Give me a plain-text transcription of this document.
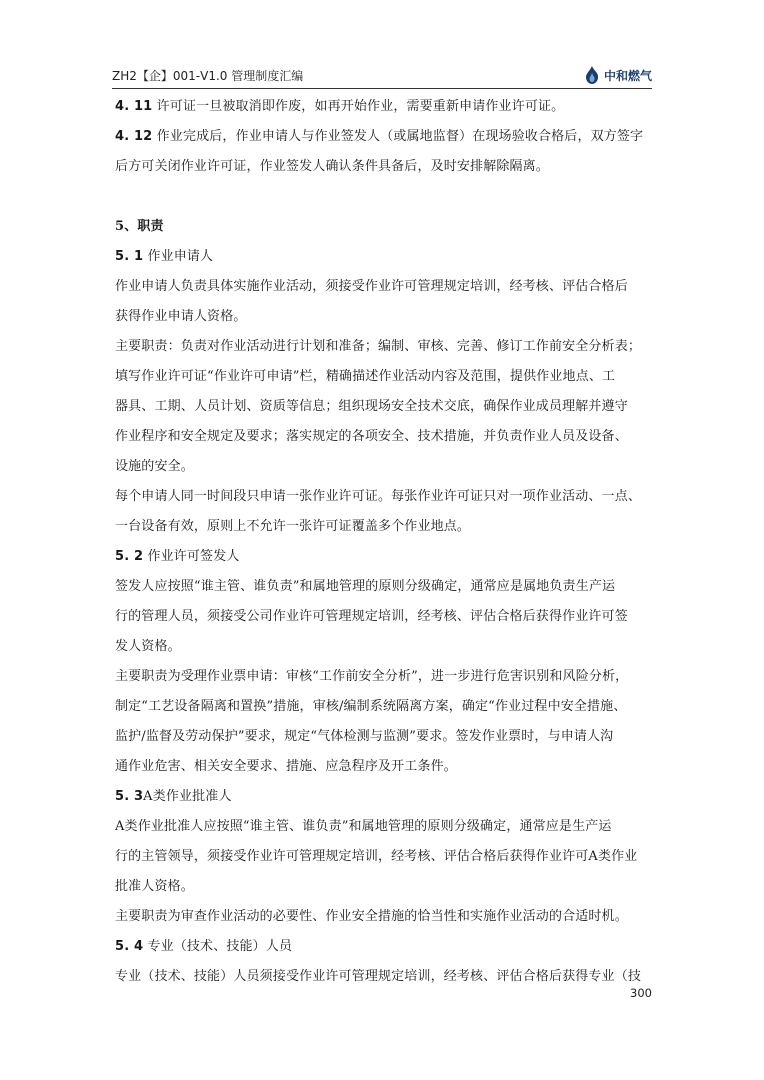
ZH2【企】001-V1.0 管理制度汇编	中和燃气
4. 11 许可证一旦被取消即作废，如再开始作业，需要重新申请作业许可证。
4. 12 作业完成后，作业申请人与作业签发人（或属地监督）在现场验收合格后，双方签字
后方可关闭作业许可证，作业签发人确认条件具备后，及时安排解除隔离。
5、职责
5. 1 作业申请人
作业申请人负责具体实施作业活动，须接受作业许可管理规定培训，经考核、评估合格后
获得作业申请人资格。
主要职责：负责对作业活动进行计划和准备；编制、审核、完善、修订工作前安全分析表；
填写作业许可证“作业许可申请”栏，精确描述作业活动内容及范围，提供作业地点、工
器具、工期、人员计划、资质等信息；组织现场安全技术交底，确保作业成员理解并遵守
作业程序和安全规定及要求；落实规定的各项安全、技术措施，并负责作业人员及设备、
设施的安全。
每个申请人同一时间段只申请一张作业许可证。每张作业许可证只对一项作业活动、一点、
一台设备有效，原则上不允许一张许可证覆盖多个作业地点。
5. 2 作业许可签发人
签发人应按照“谁主管、谁负责”和属地管理的原则分级确定，通常应是属地负责生产运
行的管理人员，须接受公司作业许可管理规定培训，经考核、评估合格后获得作业许可签
发人资格。
主要职责为受理作业票申请：审核“工作前安全分析”，进一步进行危害识别和风险分析，
制定“工艺设备隔离和置换”措施，审核/编制系统隔离方案，确定“作业过程中安全措施、
监护/监督及劳动保护”要求，规定“气体检测与监测”要求。签发作业票时，与申请人沟
通作业危害、相关安全要求、措施、应急程序及开工条件。
5. 3A类作业批准人
A类作业批准人应按照“谁主管、谁负责”和属地管理的原则分级确定，通常应是生产运
行的主管领导，须接受作业许可管理规定培训，经考核、评估合格后获得作业许可A类作业
批准人资格。
主要职责为审查作业活动的必要性、作业安全措施的恰当性和实施作业活动的合适时机。
5. 4 专业（技术、技能）人员
专业（技术、技能）人员须接受作业许可管理规定培训，经考核、评估合格后获得专业（技
300
